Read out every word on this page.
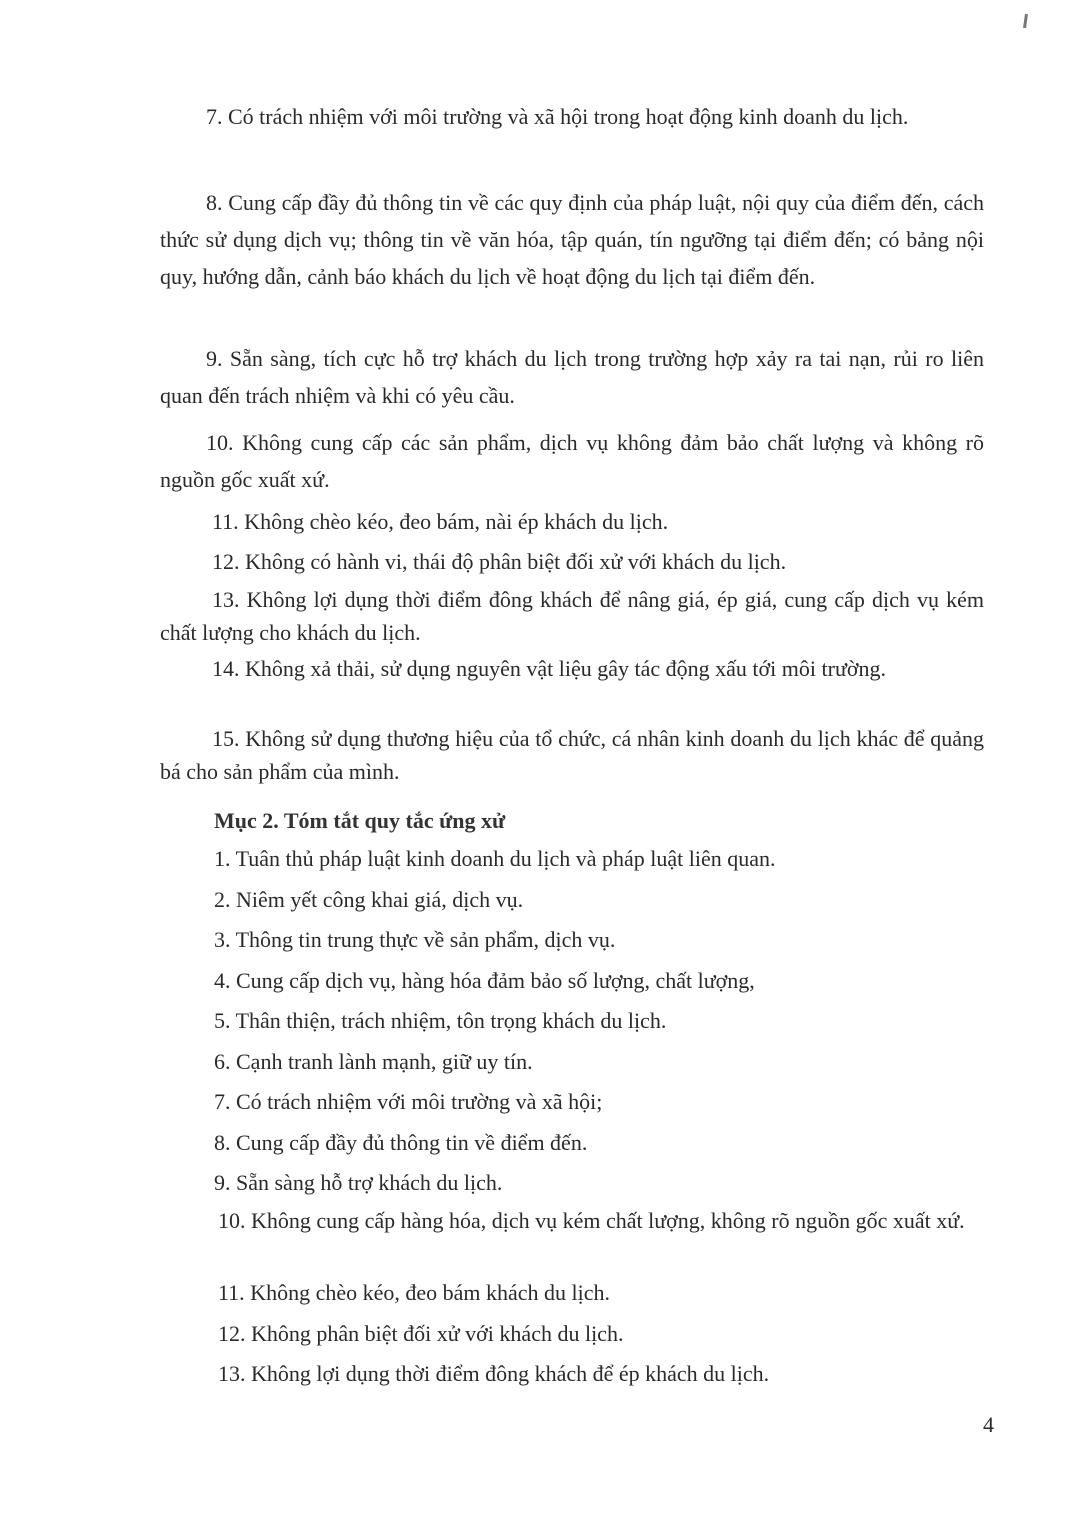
7. Có trách nhiệm với môi trường và xã hội trong hoạt động kinh doanh du lịch.
8. Cung cấp đầy đủ thông tin về các quy định của pháp luật, nội quy của điểm đến, cách thức sử dụng dịch vụ; thông tin về văn hóa, tập quán, tín ngưỡng tại điểm đến; có bảng nội quy, hướng dẫn, cảnh báo khách du lịch về hoạt động du lịch tại điểm đến.
9. Sẵn sàng, tích cực hỗ trợ khách du lịch trong trường hợp xảy ra tai nạn, rủi ro liên quan đến trách nhiệm và khi có yêu cầu.
10. Không cung cấp các sản phẩm, dịch vụ không đảm bảo chất lượng và không rõ nguồn gốc xuất xứ.
11. Không chèo kéo, đeo bám, nài ép khách du lịch.
12. Không có hành vi, thái độ phân biệt đối xử với khách du lịch.
13. Không lợi dụng thời điểm đông khách để nâng giá, ép giá, cung cấp dịch vụ kém chất lượng cho khách du lịch.
14. Không xả thải, sử dụng nguyên vật liệu gây tác động xấu tới môi trường.
15. Không sử dụng thương hiệu của tổ chức, cá nhân kinh doanh du lịch khác để quảng bá cho sản phẩm của mình.
Mục 2. Tóm tắt quy tắc ứng xử
1. Tuân thủ pháp luật kinh doanh du lịch và pháp luật liên quan.
2. Niêm yết công khai giá, dịch vụ.
3. Thông tin trung thực về sản phẩm, dịch vụ.
4. Cung cấp dịch vụ, hàng hóa đảm bảo số lượng, chất lượng,
5. Thân thiện, trách nhiệm, tôn trọng khách du lịch.
6. Cạnh tranh lành mạnh, giữ uy tín.
7. Có trách nhiệm với môi trường và xã hội;
8. Cung cấp đầy đủ thông tin về điểm đến.
9. Sẵn sàng hỗ trợ khách du lịch.
10. Không cung cấp hàng hóa, dịch vụ kém chất lượng, không rõ nguồn gốc xuất xứ.
11. Không chèo kéo, đeo bám khách du lịch.
12. Không phân biệt đối xử với khách du lịch.
13. Không lợi dụng thời điểm đông khách để ép khách du lịch.
4
